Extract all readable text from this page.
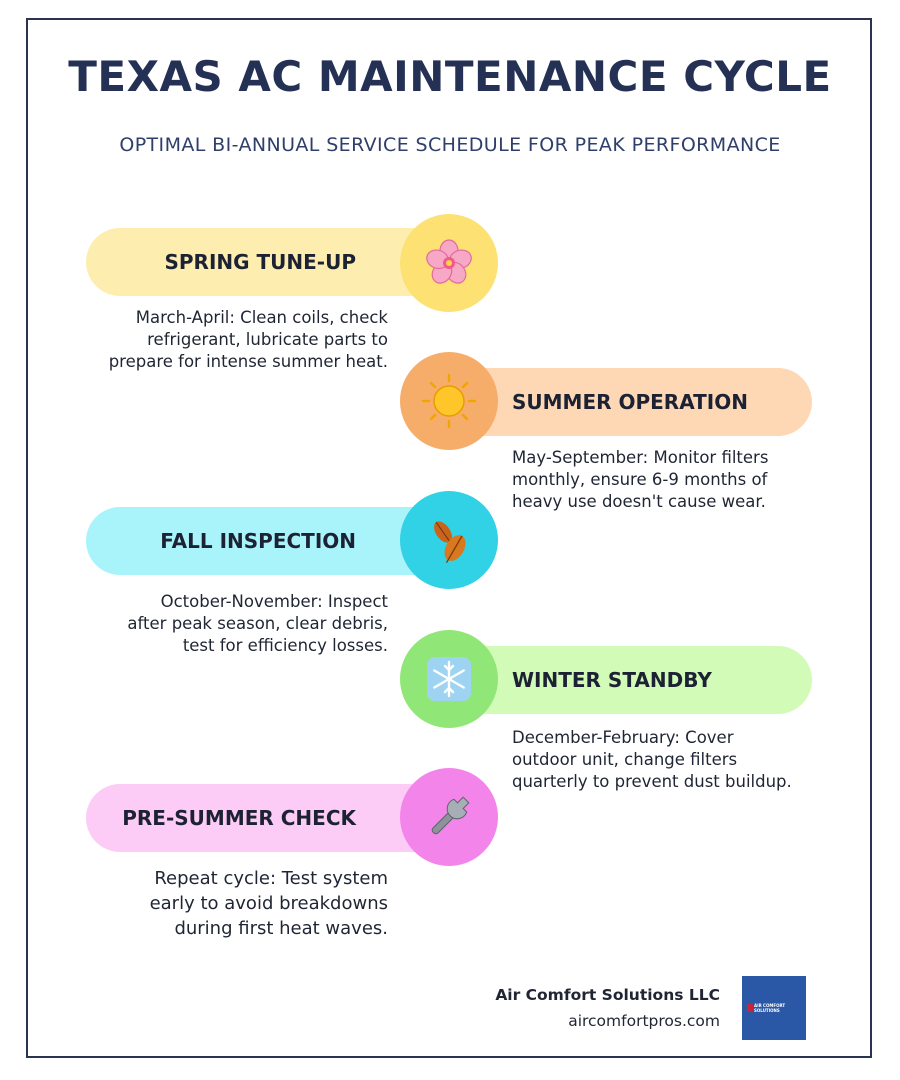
TEXAS AC MAINTENANCE CYCLE
OPTIMAL BI-ANNUAL SERVICE SCHEDULE FOR PEAK PERFORMANCE
SPRING TUNE-UP
March-April: Clean coils, check
refrigerant, lubricate parts to
prepare for intense summer heat.
SUMMER OPERATION
May-September: Monitor filters
monthly, ensure 6-9 months of
heavy use doesn't cause wear.
FALL INSPECTION
October-November: Inspect
after peak season, clear debris,
test for efficiency losses.
WINTER STANDBY
December-February: Cover
outdoor unit, change filters
quarterly to prevent dust buildup.
PRE-SUMMER CHECK
Repeat cycle: Test system
early to avoid breakdowns
during first heat waves.
Air Comfort Solutions LLC
aircomfortpros.com
AIR COMFORT
SOLUTIONS
